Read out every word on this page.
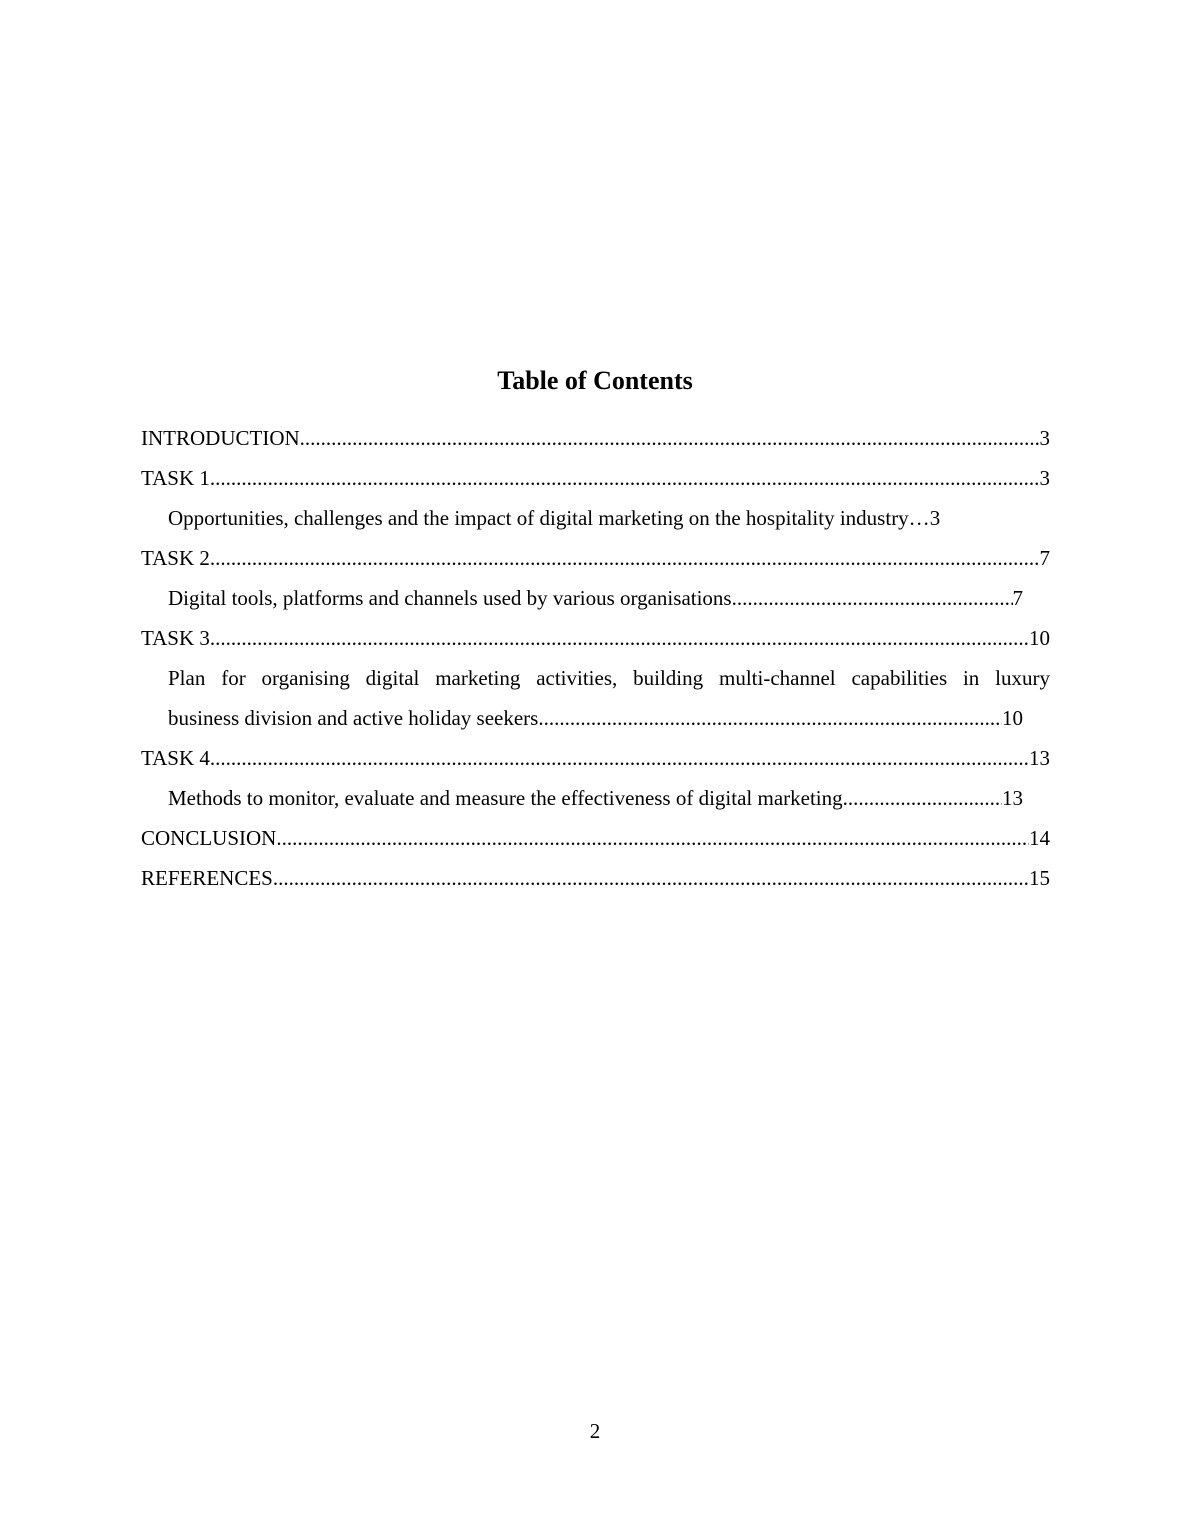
Table of Contents
INTRODUCTION .....	3
TASK 1 .....	3
Opportunities, challenges and the impact of digital marketing on the hospitality industry… 3
TASK 2 .....	7
Digital tools, platforms and channels used by various organisations .....	7
TASK 3 .....	10
Plan for organising digital marketing activities, building multi-channel capabilities in luxury
business division and active holiday seekers .....	10
TASK 4 .....	13
Methods to monitor, evaluate and measure the effectiveness of digital marketing .....	13
CONCLUSION .....	14
REFERENCES .....	15
2
